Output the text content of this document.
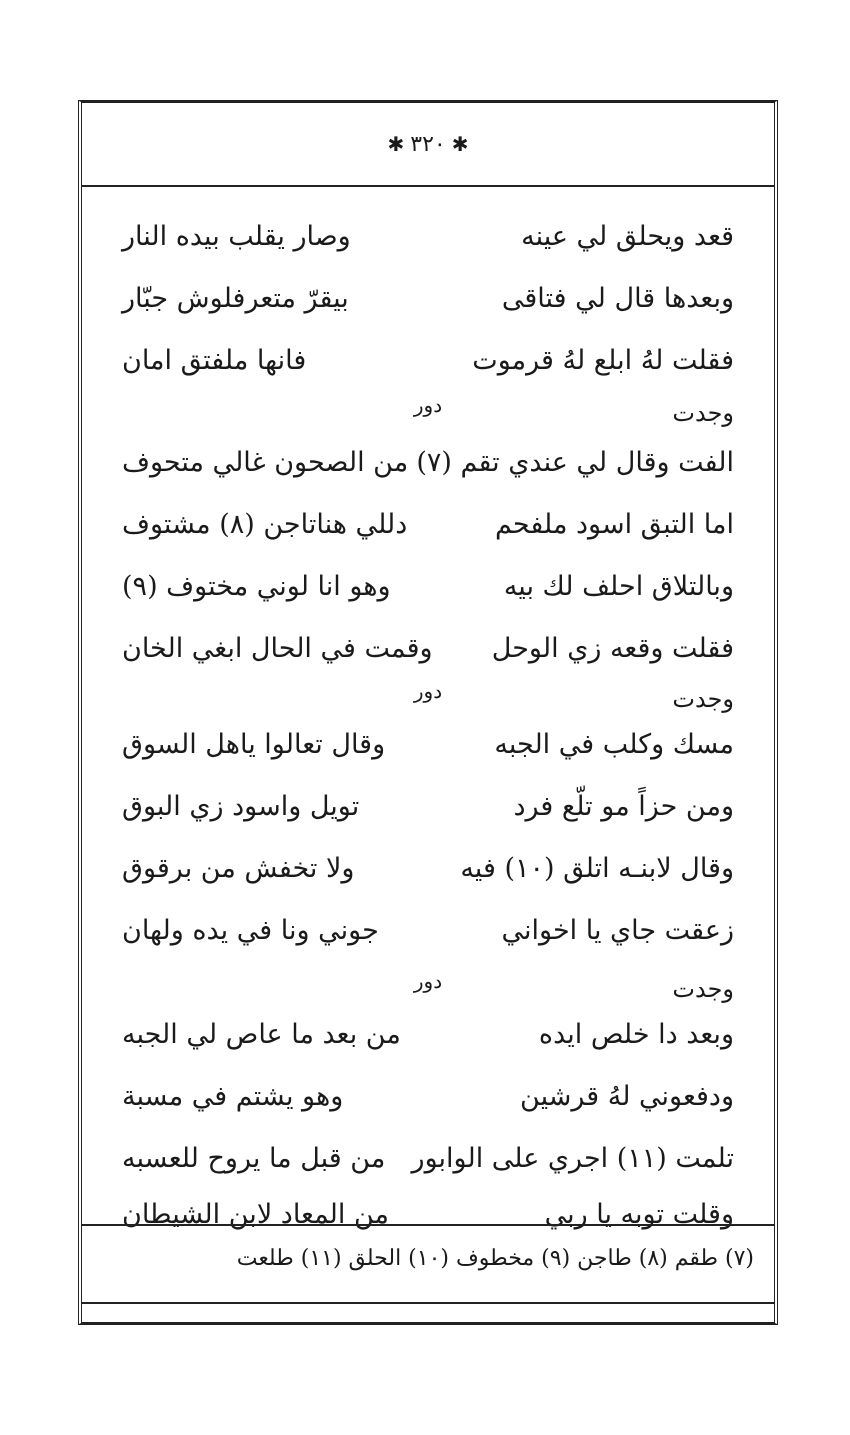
✱ ٣٢٠ ✱
قعد ويحلق لي عينه
وصار يقلب بيده النار
وبعدها قال لي فتاقى
بيقرّ متعرفلوش جبّار
فقلت لهُ ابلع لهُ قرموت
فانها ملفتق امان
وجدت
دور
الفت وقال لي عندي تقم (٧)
من الصحون غالي متحوف
اما التبق اسود ملفحم
دللي هناتاجن (٨) مشتوف
وبالتلاق احلف لك بيه
وهو انا لوني مختوف (٩)
فقلت وقعه زي الوحل
وقمت في الحال ابغي الخان
وجدت
دور
مسك وكلب في الجبه
وقال تعالوا ياهل السوق
ومن حزاً مو تلّع فرد
تويل واسود زي البوق
وقال لابنـه اتلق (١٠) فيه
ولا تخفش من برقوق
زعقت جاي يا اخواني
جوني ونا في يده ولهان
وجدت
دور
وبعد دا خلص ايده
من بعد ما عاص لي الجبه
ودفعوني لهُ قرشين
وهو يشتم في مسبة
تلمت (١١) اجري على الوابور
من قبل ما يروح للعسبه
وقلت توبه يا ربي
من المعاد لابن الشيطان
(٧) طقم (٨) طاجن (٩) مخطوف (١٠) الحلق (١١) طلعت
